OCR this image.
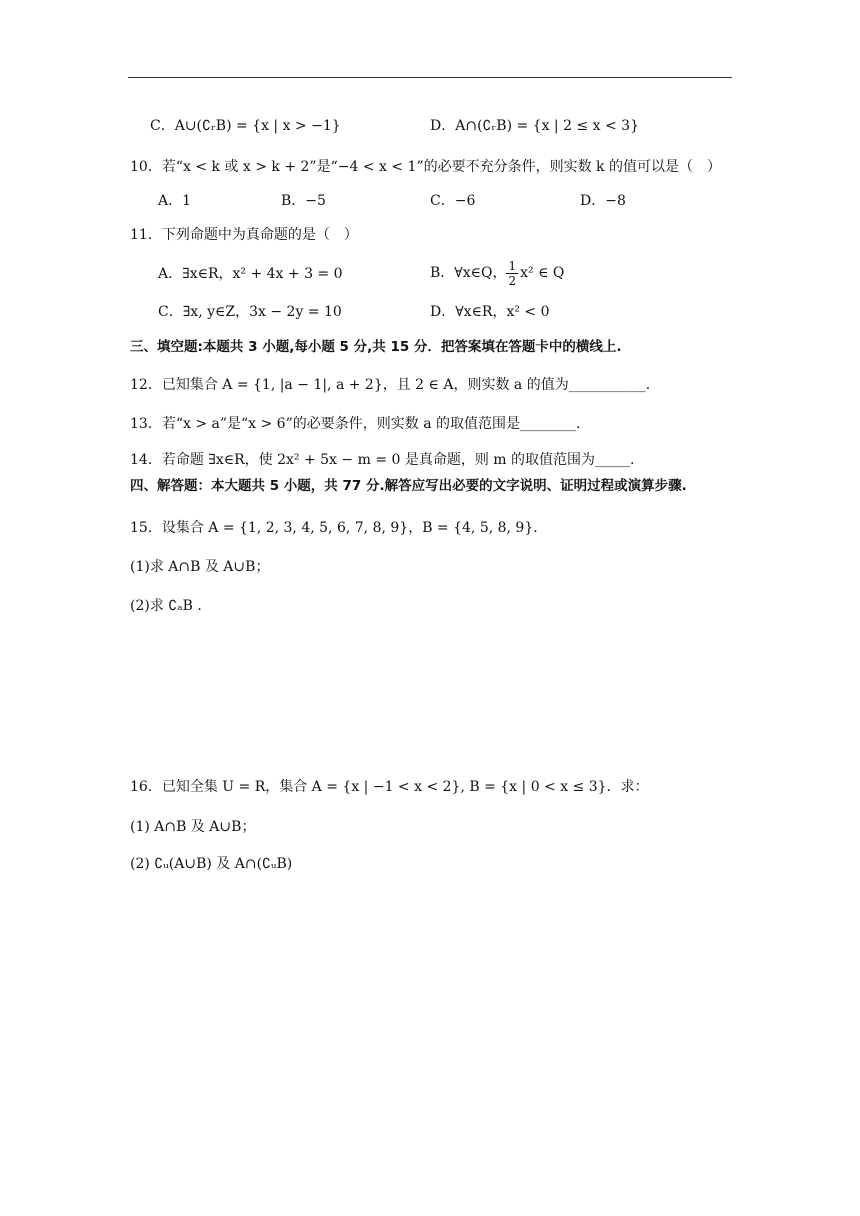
C．A∪(∁ᵣB) = {x | x > −1}	D．A∩(∁ᵣB) = {x | 2 ≤ x < 3}
10．若“x < k 或 x > k + 2”是“−4 < x < 1”的必要不充分条件，则实数 k 的值可以是（　）
A．1	B．−5	C．−6	D．−8
11．下列命题中为真命题的是（　）
A．∃x∈R，x² + 4x + 3 = 0	B．∀x∈Q， $\frac{1}{2} x^2$ ∈ Q
C．∃x, y∈Z，3x − 2y = 10	D．∀x∈R，x² < 0
三、填空题:本题共 3 小题,每小题 5 分,共 15 分．把答案填在答题卡中的横线上.
12．已知集合 A = {1, |a − 1|, a + 2}，且 2 ∈ A，则实数 a 的值为___________.
13．若“x > a”是“x > 6”的必要条件，则实数 a 的取值范围是________.
14．若命题 ∃x∈R，使 2x² + 5x − m = 0 是真命题，则 m 的取值范围为_____.
四、解答题：本大题共 5 小题，共 77 分.解答应写出必要的文字说明、证明过程或演算步骤.
15．设集合 A = {1, 2, 3, 4, 5, 6, 7, 8, 9}，B = {4, 5, 8, 9}.
(1)求 A∩B 及 A∪B；
(2)求 ∁ₐB .
16．已知全集 U = R，集合 A = {x | −1 < x < 2}, B = {x | 0 < x ≤ 3}．求：
(1) A∩B 及 A∪B；
(2) ∁ᵤ(A∪B) 及 A∩(∁ᵤB)
